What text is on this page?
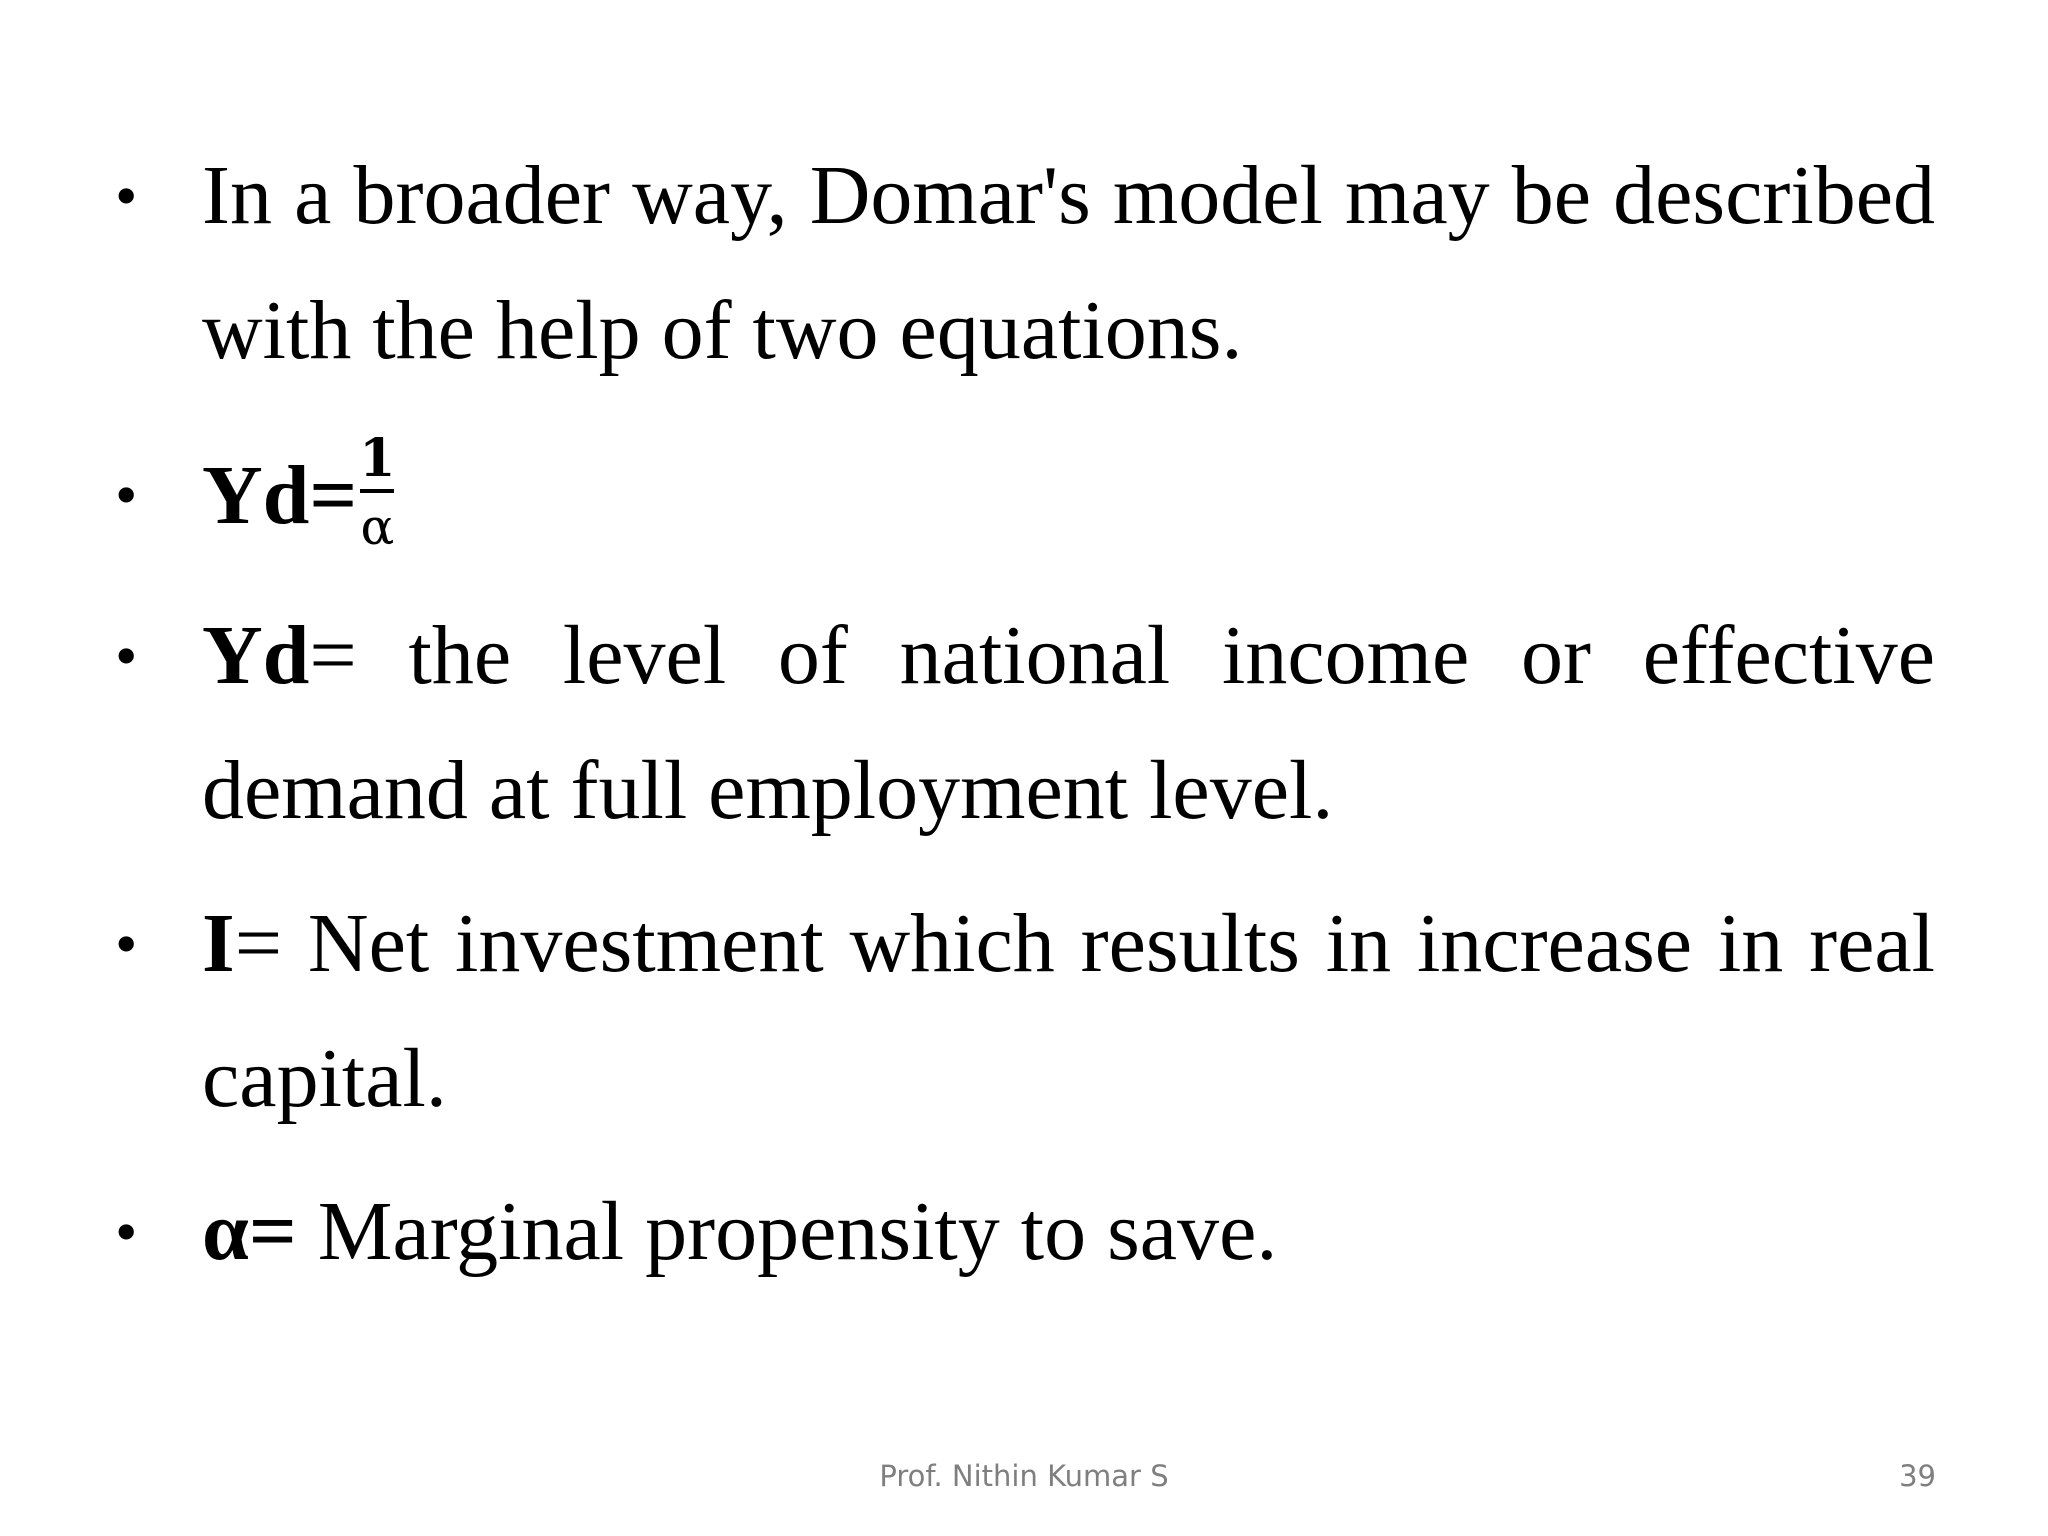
• In a broader way, Domar's model may be described with the help of two equations.
• $Yd= \frac{1}{\alpha}$
• Yd= the level of national income or effective demand at full employment level.
• I= Net investment which results in increase in real capital.
• α= Marginal propensity to save.
Prof. Nithin Kumar S	39
